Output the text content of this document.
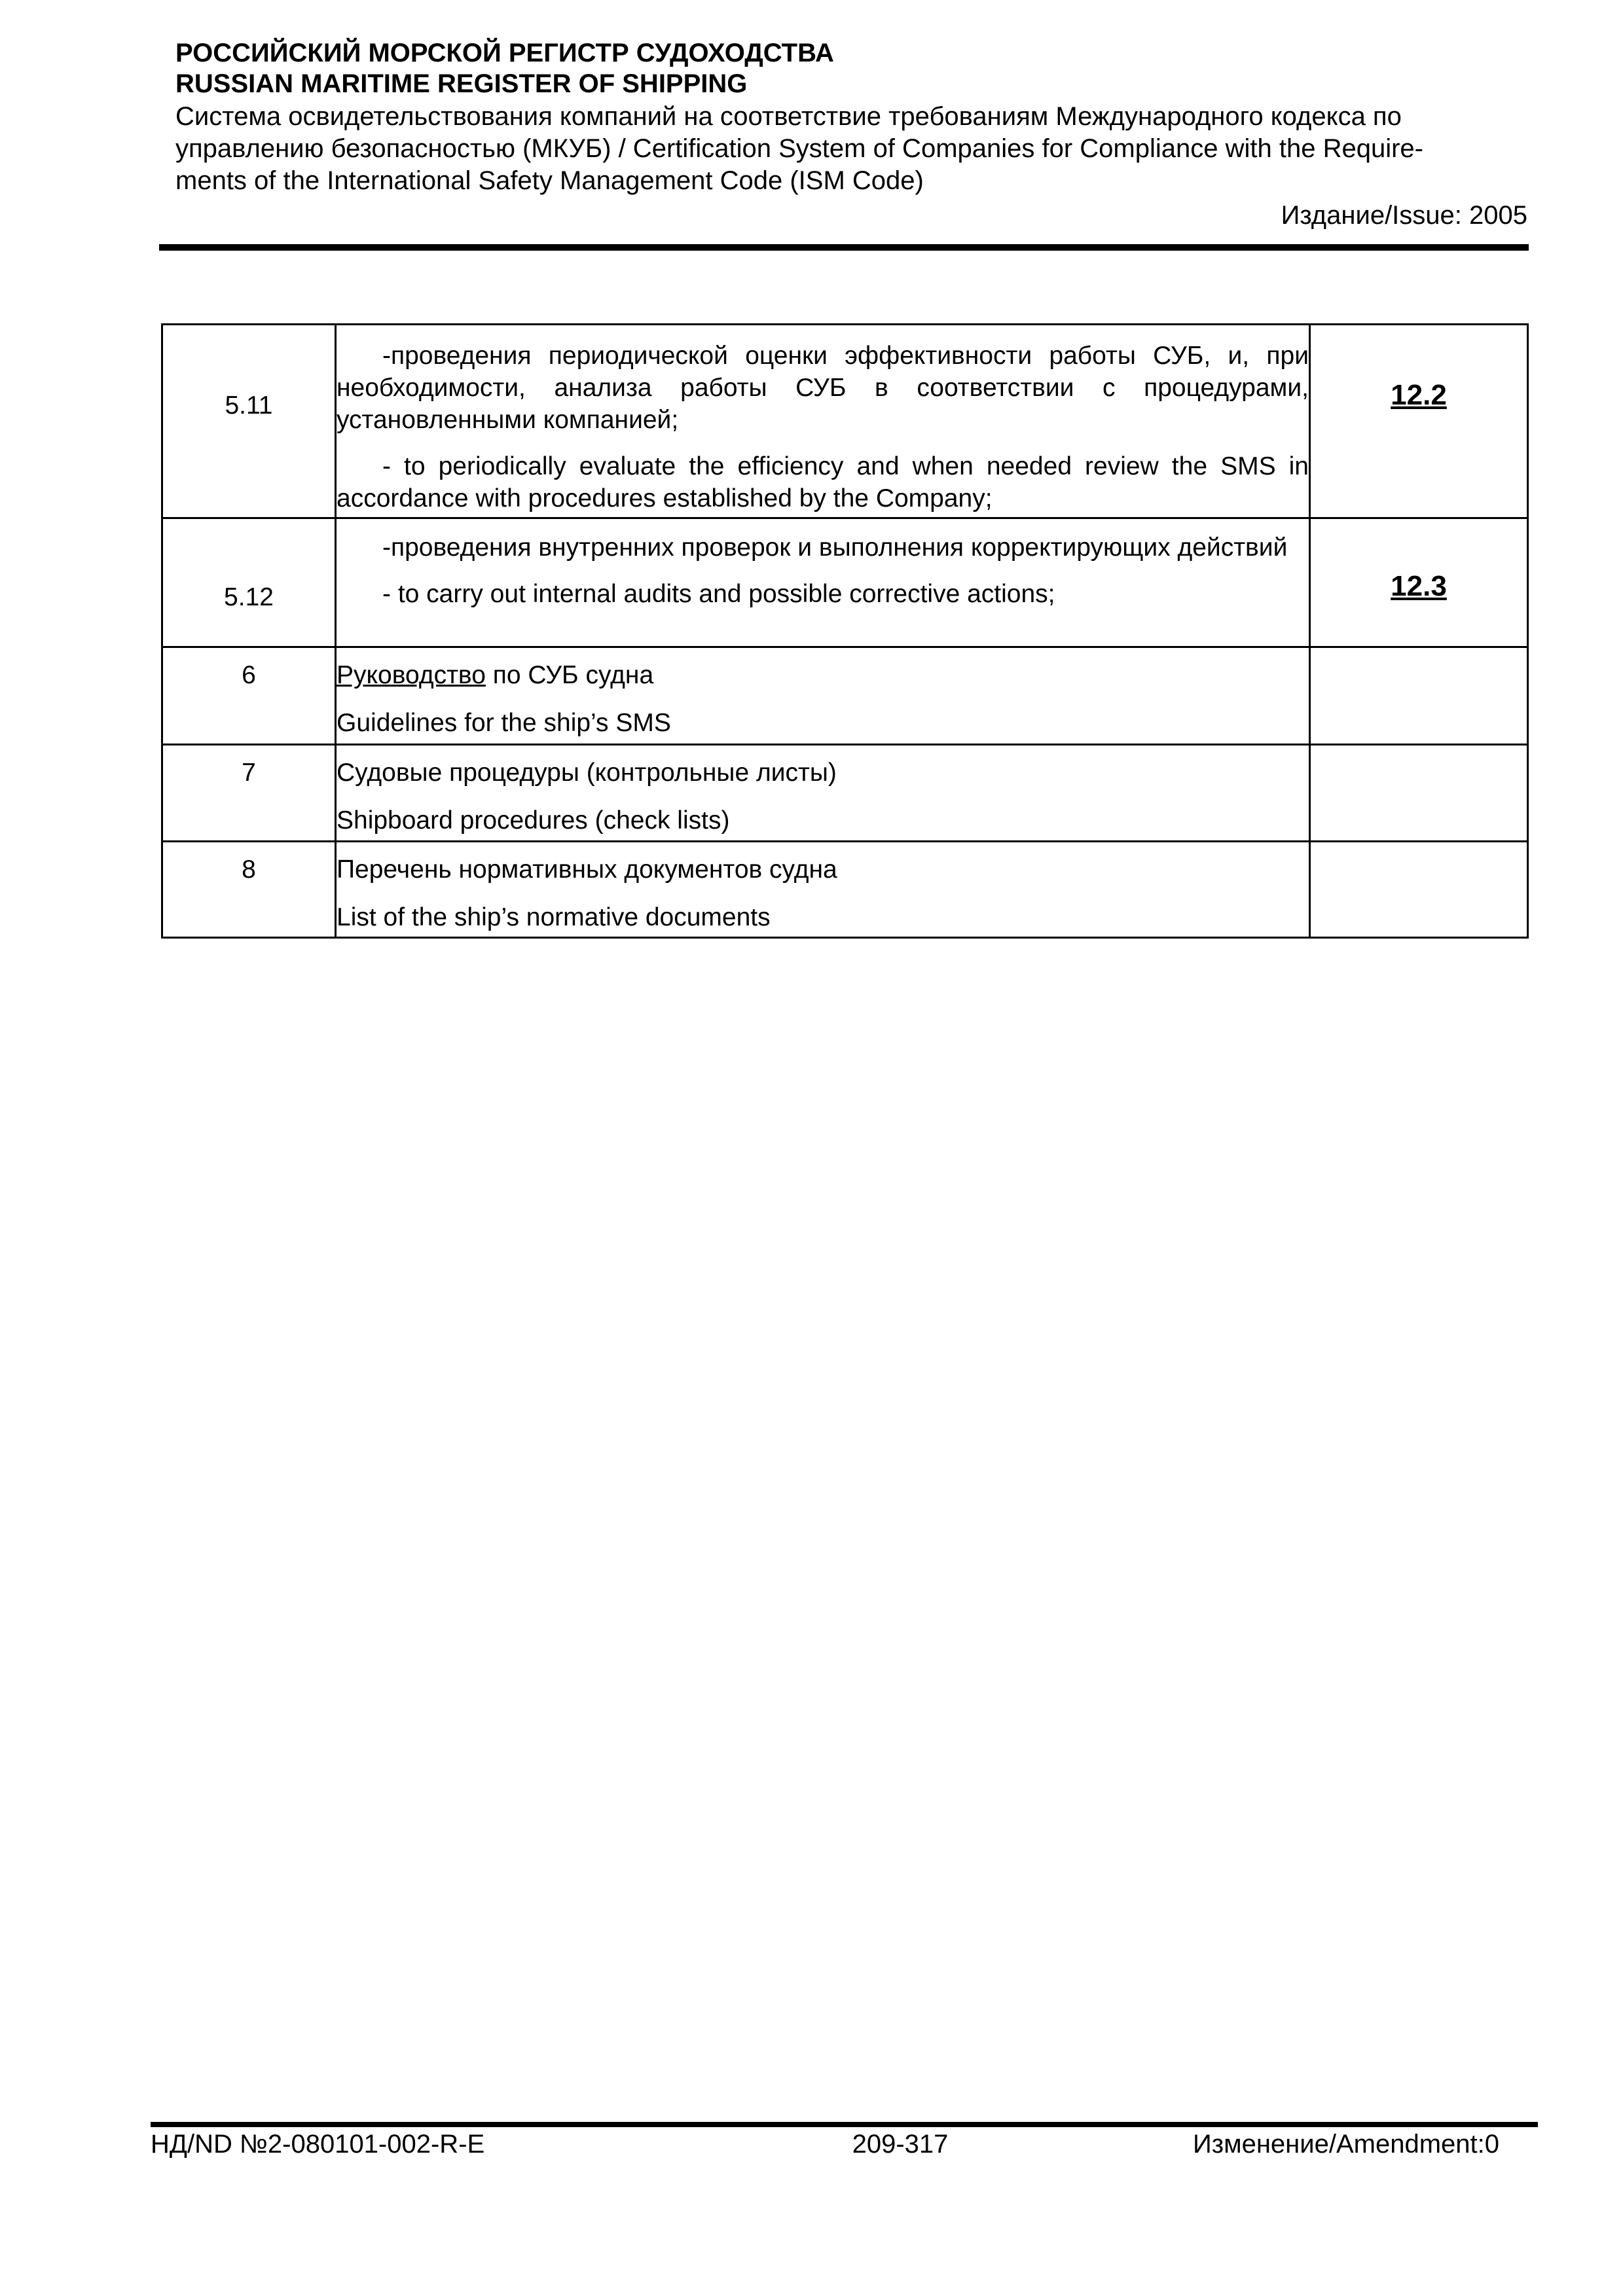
РОССИЙСКИЙ МОРСКОЙ РЕГИСТР СУДОХОДСТВА
RUSSIAN MARITIME REGISTER OF SHIPPING
Система освидетельствования компаний на соответствие требованиям Международного кодекса по
управлению безопасностью (МКУБ) / Certification System of Companies for Compliance with the Require-
ments of the International Safety Management Code (ISM Code)
Издание/Issue: 2005
5.11	-проведения периодической оценки эффективности работы СУБ, и, при необходимости, анализа работы СУБ в соответствии с процедурами, установленными компанией;

- to periodically evaluate the efficiency and when needed review the SMS in accordance with procedures established by the Company;	12.2
5.12	-проведения внутренних проверок и выполнения корректирующих действий

- to carry out internal audits and possible corrective actions;	12.3
6	Руководство по СУБ судна

Guidelines for the ship’s SMS	

7	Судовые процедуры (контрольные листы)

Shipboard procedures (check lists)	

8	Перечень нормативных документов судна

List of the ship’s normative documents	

НД/ND №2-080101-002-R-E	209-317	Изменение/Amendment:0
